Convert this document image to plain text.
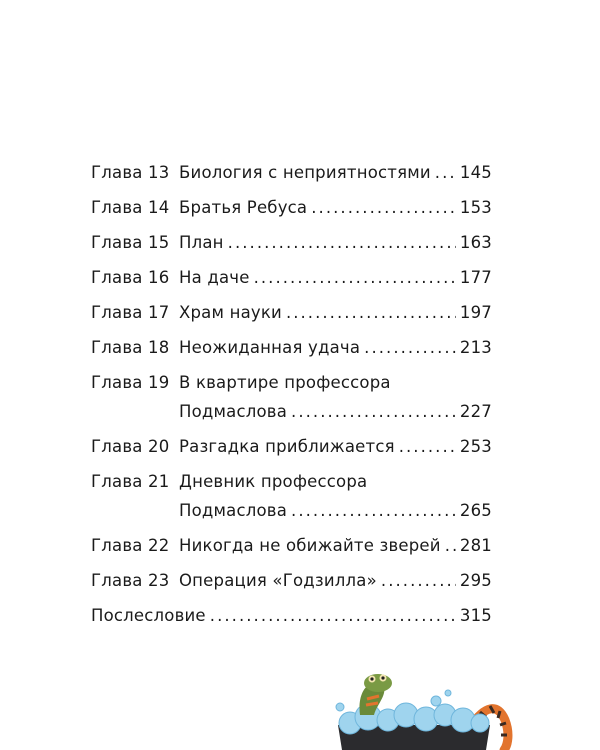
Глава 13 Биология с неприятностями . . . 145
Глава 14 Братья Ребуса . . .	153
Глава 15 План . . .	163
Глава 16 На даче . . .	177
Глава 17 Храм науки . . .	197
Глава 18 Неожиданная удача . . .	213
Глава 19 В квартире профессора
Подмаслова . . .	227
Глава 20 Разгадка приближается . . .	253
Глава 21 Дневник профессора
Подмаслова . . .	265
Глава 22 Никогда не обижайте зверей . . . 281
Глава 23 Операция «Годзилла» . . .	295
Послесловие . . .	315
